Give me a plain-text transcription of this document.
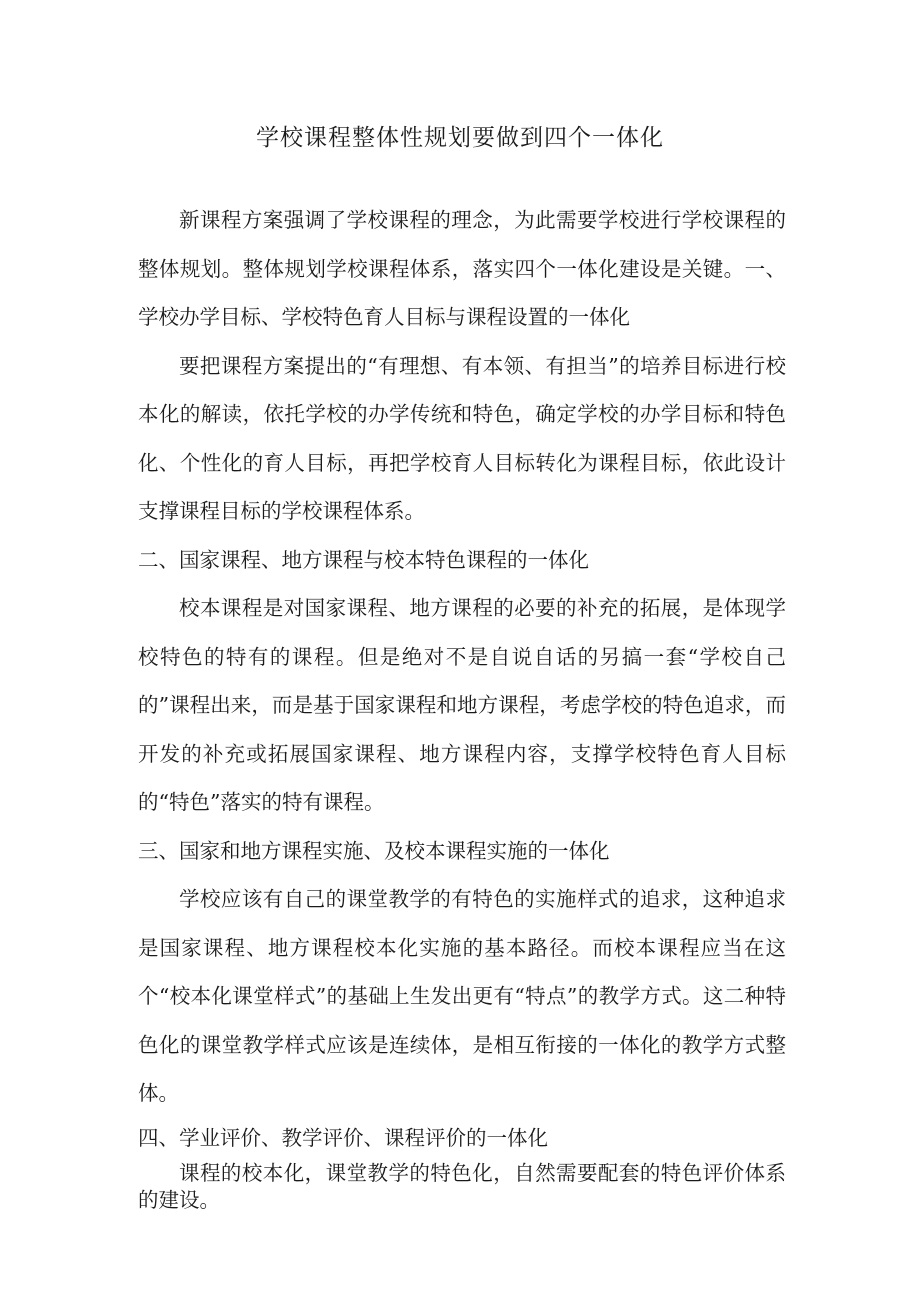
学校课程整体性规划要做到四个一体化

新课程方案强调了学校课程的理念，为此需要学校进行学校课程的整体规划。整体规划学校课程体系，落实四个一体化建设是关键。一、学校办学目标、学校特色育人目标与课程设置的一体化

要把课程方案提出的“有理想、有本领、有担当”的培养目标进行校本化的解读，依托学校的办学传统和特色，确定学校的办学目标和特色化、个性化的育人目标，再把学校育人目标转化为课程目标，依此设计支撑课程目标的学校课程体系。

二、国家课程、地方课程与校本特色课程的一体化

校本课程是对国家课程、地方课程的必要的补充的拓展，是体现学校特色的特有的课程。但是绝对不是自说自话的另搞一套“学校自己的”课程出来，而是基于国家课程和地方课程，考虑学校的特色追求，而开发的补充或拓展国家课程、地方课程内容，支撑学校特色育人目标的“特色”落实的特有课程。

三、国家和地方课程实施、及校本课程实施的一体化

学校应该有自己的课堂教学的有特色的实施样式的追求，这种追求是国家课程、地方课程校本化实施的基本路径。而校本课程应当在这个“校本化课堂样式”的基础上生发出更有“特点”的教学方式。这二种特色化的课堂教学样式应该是连续体，是相互衔接的一体化的教学方式整体。

四、学业评价、教学评价、课程评价的一体化

课程的校本化，课堂教学的特色化，自然需要配套的特色评价体系的建设。
